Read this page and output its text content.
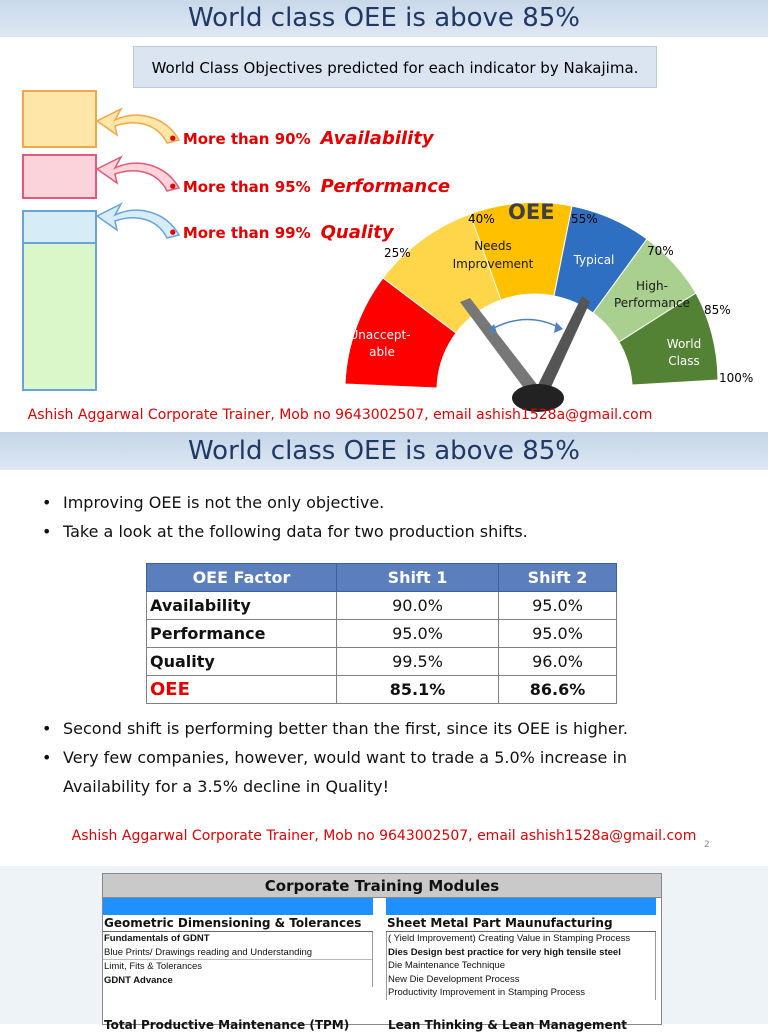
World class OEE is above 85%
World Class Objectives predicted for each indicator by Nakajima.
• More than 90% Availability
• More than 95% Performance
• More than 99% Quality
OEE
Unaccept-
able
Typical
World
Class
Needs
Improvement
High-
Performance
25%
40%	55%
70%
85%
100%
Ashish Aggarwal Corporate Trainer, Mob no 9643002507, email ashish1528a@gmail.com
World class OEE is above 85%
• Improving OEE is not the only objective.
• Take a look at the following data for two production shifts.
OEE Factor	Shift 1	Shift 2
Availability	90.0%	95.0%
Performance	95.0%	95.0%
Quality	99.5%	96.0%
OEE	85.1%	86.6%
• Second shift is performing better than the first, since its OEE is higher.
• Very few companies, however, would want to trade a 5.0% increase in Availability for a 3.5% decline in Quality!
Ashish Aggarwal Corporate Trainer, Mob no 9643002507, email ashish1528a@gmail.com
2
Corporate Training Modules
Geometric Dimensioning & Tolerances
Fundamentals of GDNT
Blue Prints/ Drawings reading and Understanding
Limit, Fits & Tolerances
GDNT Advance
Sheet Metal Part Maunufacturing
( Yield Improvement) Creating Value in Stamping Process
Dies Design best practice for very high tensile steel
Die Maintenance Technique
New Die Development Process
Productivity Improvement in Stamping Process
Total Productive Maintenance (TPM)	Lean Thinking & Lean Management
